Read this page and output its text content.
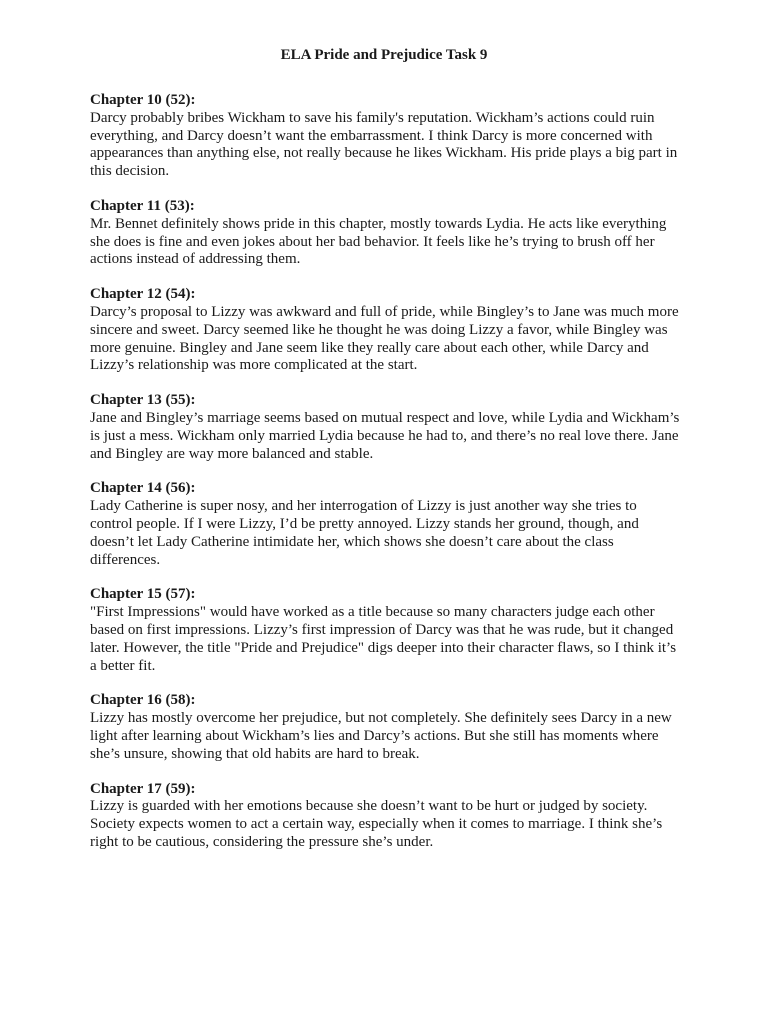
ELA Pride and Prejudice Task 9

Chapter 10 (52):

Darcy probably bribes Wickham to save his family's reputation. Wickham’s actions could ruin everything, and Darcy doesn’t want the embarrassment. I think Darcy is more concerned with appearances than anything else, not really because he likes Wickham. His pride plays a big part in this decision.

Chapter 11 (53):

Mr. Bennet definitely shows pride in this chapter, mostly towards Lydia. He acts like everything she does is fine and even jokes about her bad behavior. It feels like he’s trying to brush off her actions instead of addressing them.

Chapter 12 (54):

Darcy’s proposal to Lizzy was awkward and full of pride, while Bingley’s to Jane was much more sincere and sweet. Darcy seemed like he thought he was doing Lizzy a favor, while Bingley was more genuine. Bingley and Jane seem like they really care about each other, while Darcy and Lizzy’s relationship was more complicated at the start.

Chapter 13 (55):

Jane and Bingley’s marriage seems based on mutual respect and love, while Lydia and Wickham’s is just a mess. Wickham only married Lydia because he had to, and there’s no real love there. Jane and Bingley are way more balanced and stable.

Chapter 14 (56):

Lady Catherine is super nosy, and her interrogation of Lizzy is just another way she tries to control people. If I were Lizzy, I’d be pretty annoyed. Lizzy stands her ground, though, and doesn’t let Lady Catherine intimidate her, which shows she doesn’t care about the class differences.

Chapter 15 (57):

"First Impressions" would have worked as a title because so many characters judge each other based on first impressions. Lizzy’s first impression of Darcy was that he was rude, but it changed later. However, the title "Pride and Prejudice" digs deeper into their character flaws, so I think it’s a better fit.

Chapter 16 (58):

Lizzy has mostly overcome her prejudice, but not completely. She definitely sees Darcy in a new light after learning about Wickham’s lies and Darcy’s actions. But she still has moments where she’s unsure, showing that old habits are hard to break.

Chapter 17 (59):

Lizzy is guarded with her emotions because she doesn’t want to be hurt or judged by society. Society expects women to act a certain way, especially when it comes to marriage. I think she’s right to be cautious, considering the pressure she’s under.
